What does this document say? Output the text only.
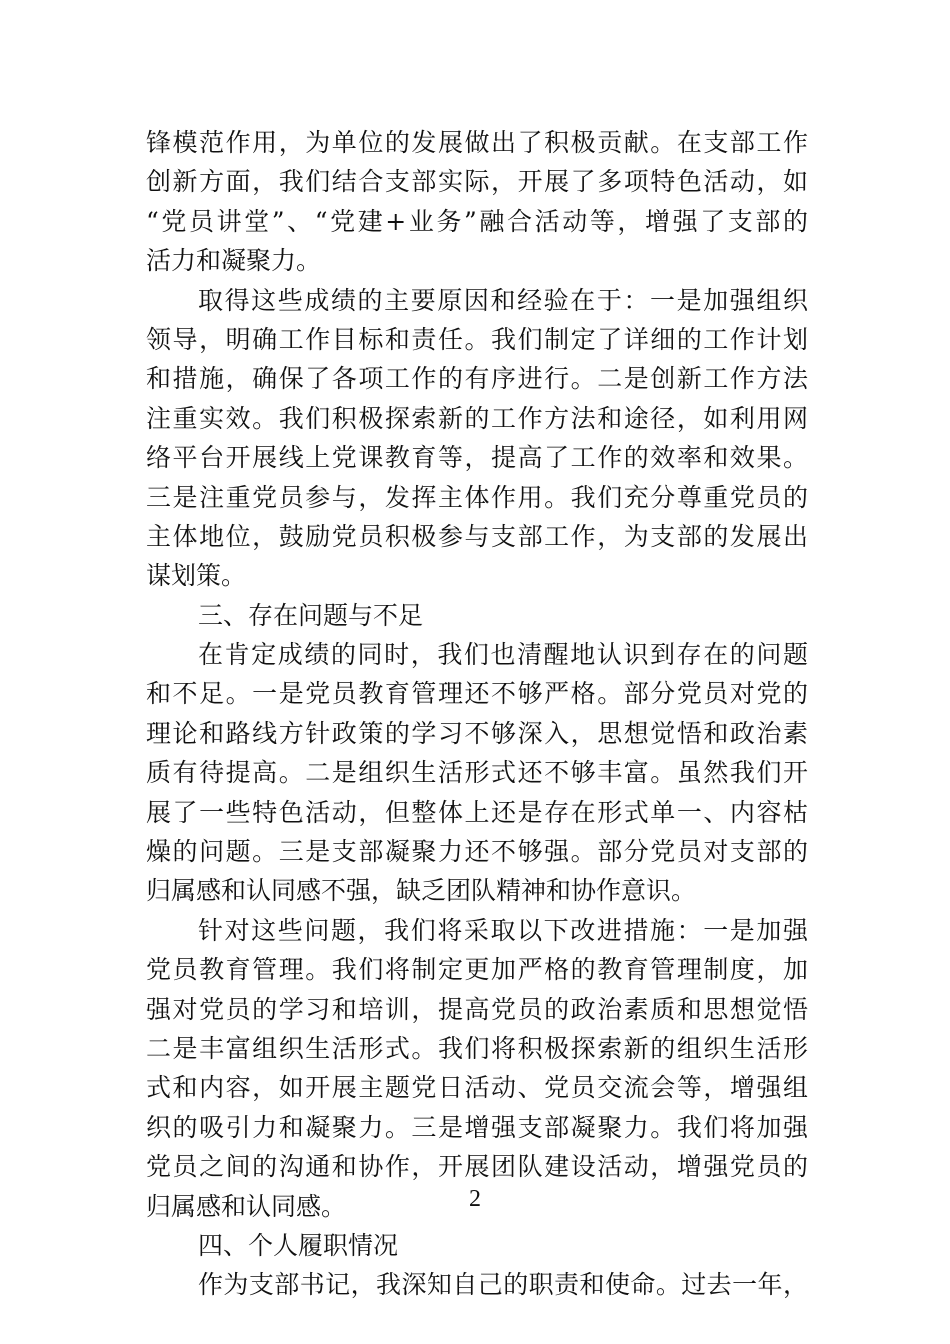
锋模范作用，为单位的发展做出了积极贡献。在支部工作
创新方面，我们结合支部实际，开展了多项特色活动，如
“党员讲堂”、“党建+业务”融合活动等，增强了支部的
活力和凝聚力。
取得这些成绩的主要原因和经验在于：一是加强组织
领导，明确工作目标和责任。我们制定了详细的工作计划
和措施，确保了各项工作的有序进行。二是创新工作方法
注重实效。我们积极探索新的工作方法和途径，如利用网
络平台开展线上党课教育等，提高了工作的效率和效果。
三是注重党员参与，发挥主体作用。我们充分尊重党员的
主体地位，鼓励党员积极参与支部工作，为支部的发展出
谋划策。
三、存在问题与不足
在肯定成绩的同时，我们也清醒地认识到存在的问题
和不足。一是党员教育管理还不够严格。部分党员对党的
理论和路线方针政策的学习不够深入，思想觉悟和政治素
质有待提高。二是组织生活形式还不够丰富。虽然我们开
展了一些特色活动，但整体上还是存在形式单一、内容枯
燥的问题。三是支部凝聚力还不够强。部分党员对支部的
归属感和认同感不强，缺乏团队精神和协作意识。
针对这些问题，我们将采取以下改进措施：一是加强
党员教育管理。我们将制定更加严格的教育管理制度，加
强对党员的学习和培训，提高党员的政治素质和思想觉悟
二是丰富组织生活形式。我们将积极探索新的组织生活形
式和内容，如开展主题党日活动、党员交流会等，增强组
织的吸引力和凝聚力。三是增强支部凝聚力。我们将加强
党员之间的沟通和协作，开展团队建设活动，增强党员的
归属感和认同感。
四、个人履职情况
作为支部书记，我深知自己的职责和使命。过去一年，
2
